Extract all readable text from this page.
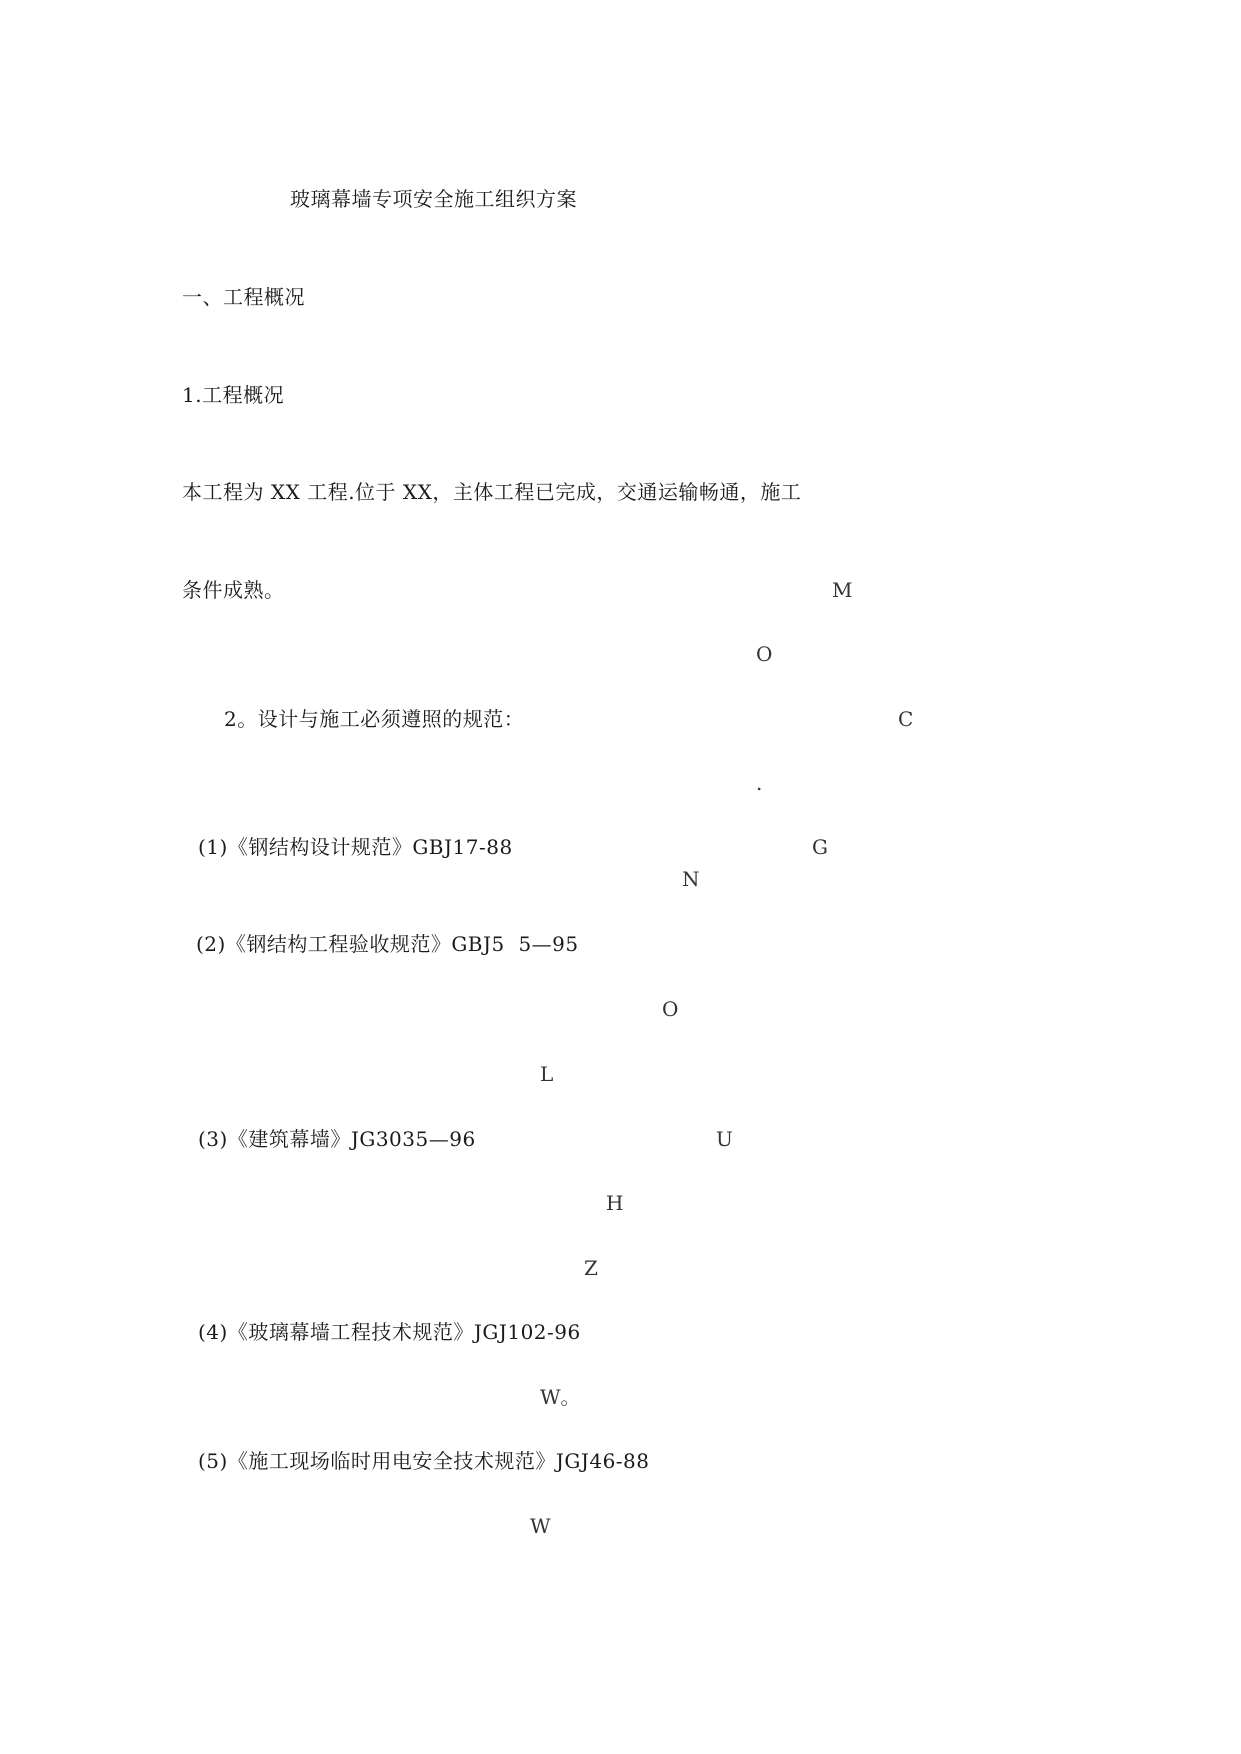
玻璃幕墙专项安全施工组织方案
一、工程概况
1.工程概况
本工程为 XX 工程.位于 XX，主体工程已完成，交通运输畅通，施工
条件成熟。
2。设计与施工必须遵照的规范：
(1)《钢结构设计规范》GBJ17-88
(2)《钢结构工程验收规范》GBJ5  5—95
(3)《建筑幕墙》JG3035—96
(4)《玻璃幕墙工程技术规范》JGJ102-96
(5)《施工现场临时用电安全技术规范》JGJ46-88
M
O
C
.
G
N
O
L
U
H
Z
W。
W
